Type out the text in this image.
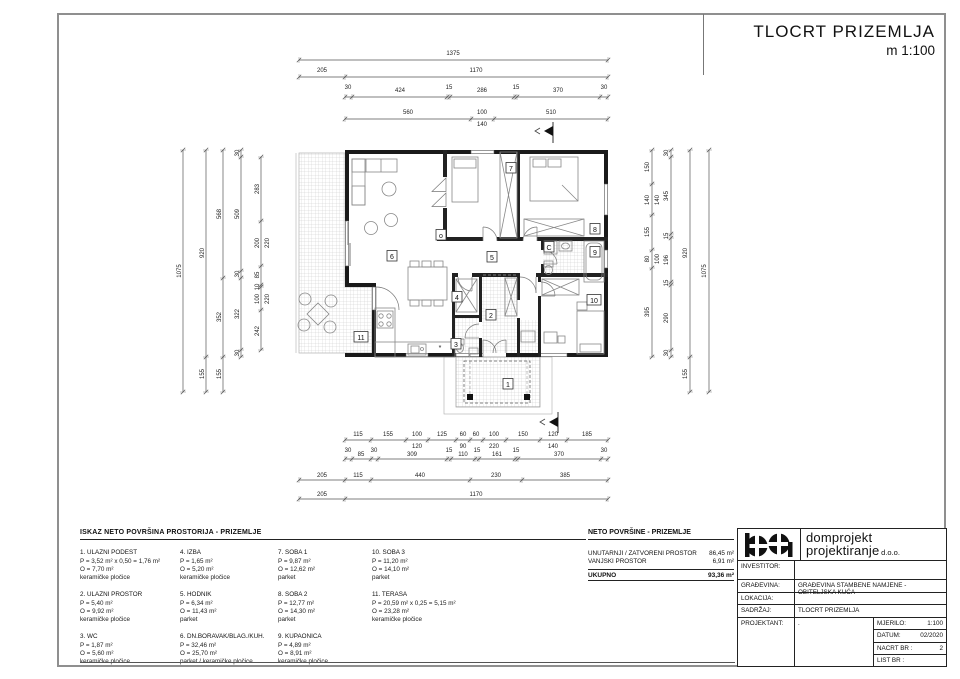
TLOCRT PRIZEMLJA
m 1:100
1375
205	1170
30	424	15	286	15	370	30
560	100
140
510
115	155	100
120
125 60
90
60 100
220
150	120
140
185
30
85
30
309
15
110
15
161
15
370
30
205	115	440	230	385
205	1170
1075
920
155
568
352
155
30
509
30
322
30
283
200 220
85
10
100 220
242
150
140 140
155
80 100
395
30
345
15
196
15
290
30
920
155
1075
1
2
3
4
5
6
7
8
9
10
11
C
o
*
ISKAZ NETO POVRŠINA PROSTORIJA - PRIZEMLJE
1. ULAZNI PODEST
P = 3,52 m² x 0,50 = 1,76 m²
O = 7,70 m²
keramičke pločice
2. ULAZNI PROSTOR
P = 5,40 m²
O = 9,92 m²
keramičke pločice
3. WC
P = 1,87 m²
O = 5,60 m²
4. IZBA
P = 1,65 m²
O = 5,20 m²
keramičke pločice
5. HODNIK
P = 6,34 m²
O = 11,43 m²
parket
6. DN.BORAVAK/BLAG./KUH.
P = 32,46 m²
O = 25,70 m²
7. SOBA 1
P = 9,87 m²
O = 12,62 m²
parket
8. SOBA 2
P = 12,77 m²
O = 14,30 m²
parket
9. KUPAONICA
P = 4,89 m²
O = 8,91 m²
10. SOBA 3
P = 11,20 m²
O = 14,10 m²
parket
11. TERASA
P = 20,59 m² x 0,25 = 5,15 m²
O = 23,28 m²
keramičke pločice
NETO POVRŠINE - PRIZEMLJE
UNUTARNJI / ZATVORENI PROSTOR 86,45 m²
VANJSKI PROSTOR	6,91 m²
UKUPNO	93,36 m²
domprojekt
projektiranje d.o.o.
INVESTITOR:
GRAĐEVINA:	GRAĐEVINA STAMBENE NAMJENE - OBITELJSKA KUĆA
LOKACIJA:
SADRŽAJ:	TLOCRT PRIZEMLJA
PROJEKTANT:	.	MJERILO:	1:100
DATUM:	02/2020
NACRT BR :	2
LIST BR :
